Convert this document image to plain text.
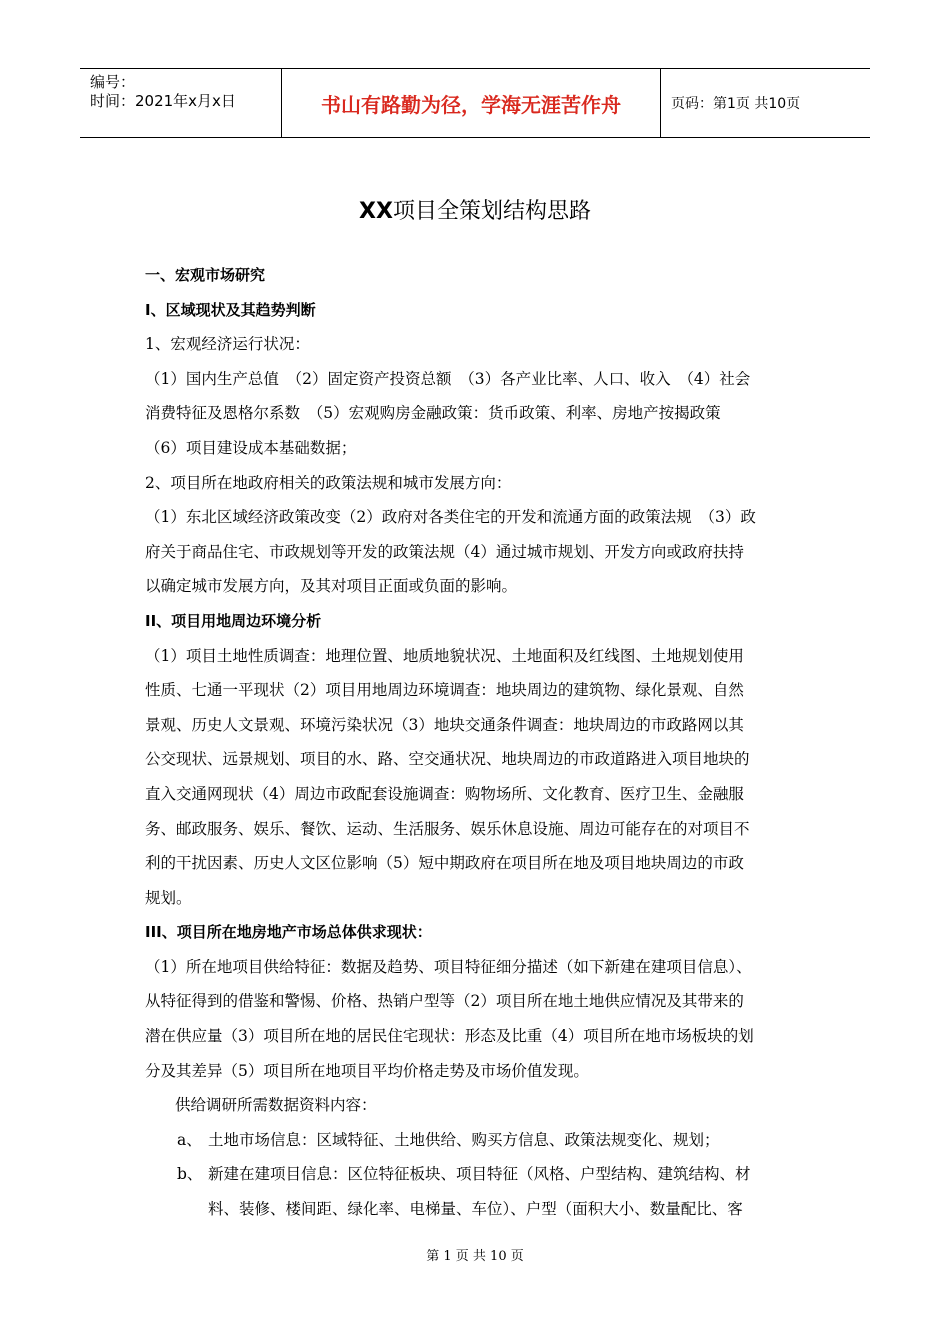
编号：
时间：2021年x月x日	书山有路勤为径，学海无涯苦作舟	页码：第1页 共10页
XX项目全策划结构思路
一、宏观市场研究
I、区域现状及其趋势判断
1、宏观经济运行状况：
（1）国内生产总值　（2）固定资产投资总额　（3）各产业比率、人口、收入　（4）社会
消费特征及恩格尔系数　（5）宏观购房金融政策：货币政策、利率、房地产按揭政策
（6）项目建设成本基础数据；
2、项目所在地政府相关的政策法规和城市发展方向：
（1）东北区域经济政策改变（2）政府对各类住宅的开发和流通方面的政策法规　（3）政
府关于商品住宅、市政规划等开发的政策法规（4）通过城市规划、开发方向或政府扶持
以确定城市发展方向，及其对项目正面或负面的影响。
II、项目用地周边环境分析
（1）项目土地性质调查：地理位置、地质地貌状况、土地面积及红线图、土地规划使用
性质、七通一平现状（2）项目用地周边环境调查：地块周边的建筑物、绿化景观、自然
景观、历史人文景观、环境污染状况（3）地块交通条件调查：地块周边的市政路网以其
公交现状、远景规划、项目的水、路、空交通状况、地块周边的市政道路进入项目地块的
直入交通网现状（4）周边市政配套设施调查：购物场所、文化教育、医疗卫生、金融服
务、邮政服务、娱乐、餐饮、运动、生活服务、娱乐休息设施、周边可能存在的对项目不
利的干扰因素、历史人文区位影响（5）短中期政府在项目所在地及项目地块周边的市政
规划。
III、项目所在地房地产市场总体供求现状：
（1）所在地项目供给特征：数据及趋势、项目特征细分描述（如下新建在建项目信息）、
从特征得到的借鉴和警惕、价格、热销户型等（2）项目所在地土地供应情况及其带来的
潜在供应量（3）项目所在地的居民住宅现状：形态及比重（4）项目所在地市场板块的划
分及其差异（5）项目所在地项目平均价格走势及市场价值发现。
供给调研所需数据资料内容：
a、 土地市场信息：区域特征、土地供给、购买方信息、政策法规变化、规划；
b、 新建在建项目信息：区位特征板块、项目特征（风格、户型结构、建筑结构、材
料、装修、楼间距、绿化率、电梯量、车位）、户型（面积大小、数量配比、客
第 1 页 共 10 页
